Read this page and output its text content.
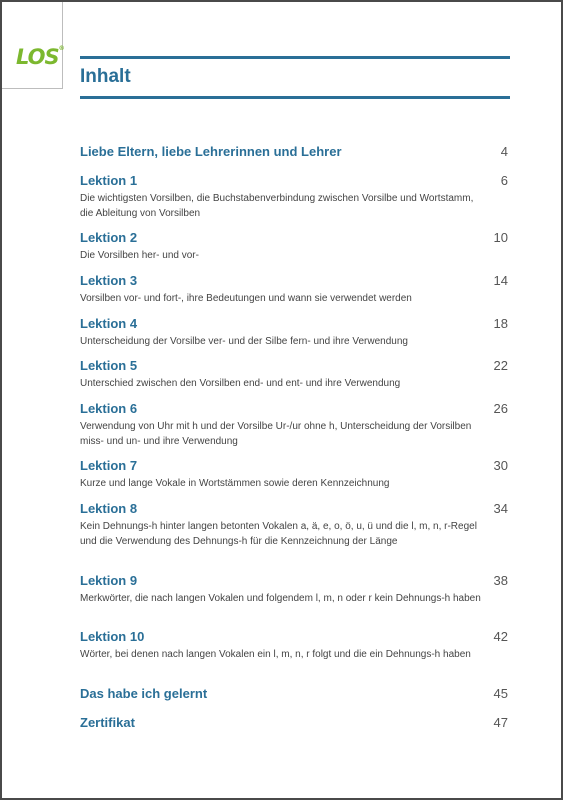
LOS ®
Inhalt
Liebe Eltern, liebe Lehrerinnen und Lehrer	4
Lektion 1	6
Die wichtigsten Vorsilben, die Buchstabenverbindung zwischen Vorsilbe und Wortstamm, die Ableitung von Vorsilben
Lektion 2	10
Die Vorsilben her- und vor-
Lektion 3	14
Vorsilben vor- und fort-, ihre Bedeutungen und wann sie verwendet werden
Lektion 4	18
Unterscheidung der Vorsilbe ver- und der Silbe fern- und ihre Verwendung
Lektion 5	22
Unterschied zwischen den Vorsilben end- und ent- und ihre Verwendung
Lektion 6	26
Verwendung von Uhr mit h und der Vorsilbe Ur-/ur ohne h, Unterscheidung der Vorsilben miss- und un- und ihre Verwendung
Lektion 7	30
Kurze und lange Vokale in Wortstämmen sowie deren Kennzeichnung
Lektion 8	34
Kein Dehnungs-h hinter langen betonten Vokalen a, ä, e, o, ö, u, ü und die l, m, n, r-Regel und die Verwendung des Dehnungs-h für die Kennzeichnung der Länge
Lektion 9	38
Merkwörter, die nach langen Vokalen und folgendem l, m, n oder r kein Dehnungs-h haben
Lektion 10	42
Wörter, bei denen nach langen Vokalen ein l, m, n, r folgt und die ein Dehnungs-h haben
Das habe ich gelernt	45
Zertifikat	47
